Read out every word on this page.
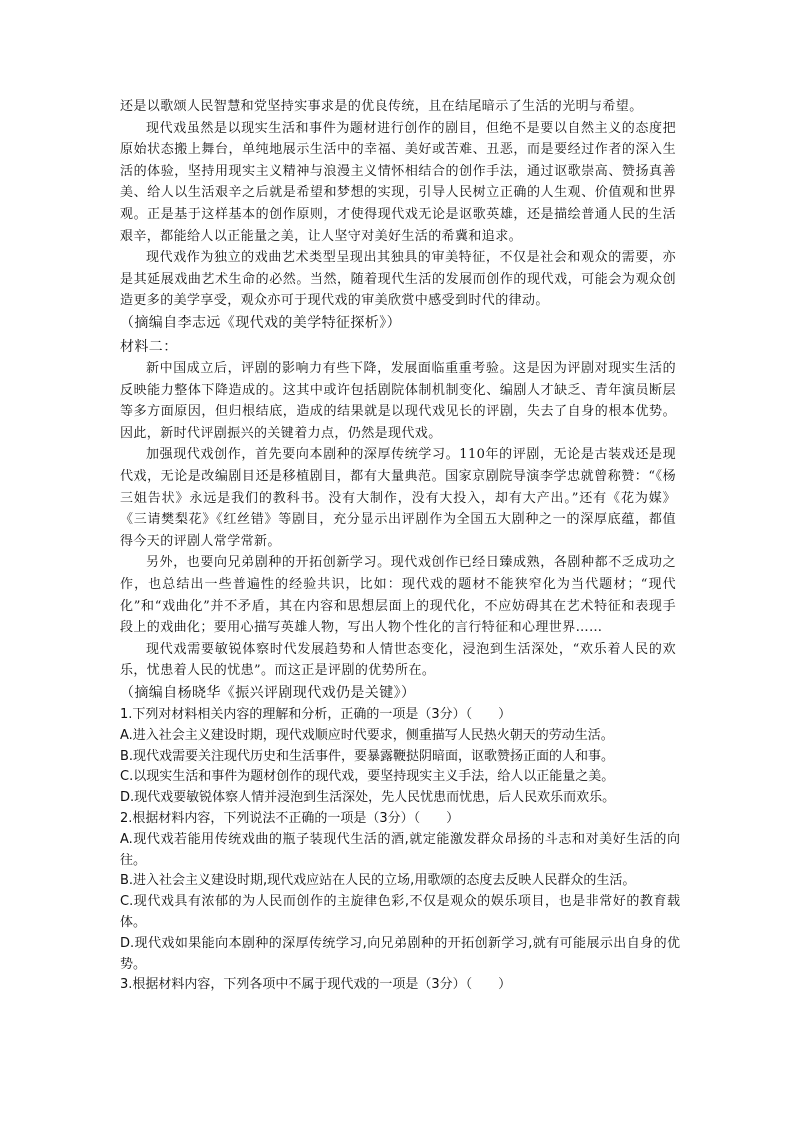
还是以歌颂人民智慧和党坚持实事求是的优良传统，且在结尾暗示了生活的光明与希望。

现代戏虽然是以现实生活和事件为题材进行创作的剧目，但绝不是要以自然主义的态度把原始状态搬上舞台，单纯地展示生活中的幸福、美好或苦难、丑恶，而是要经过作者的深入生活的体验，坚持用现实主义精神与浪漫主义情怀相结合的创作手法，通过讴歌崇高、赞扬真善美、给人以生活艰辛之后就是希望和梦想的实现，引导人民树立正确的人生观、价值观和世界观。正是基于这样基本的创作原则，才使得现代戏无论是讴歌英雄，还是描绘普通人民的生活艰辛，都能给人以正能量之美，让人坚守对美好生活的希冀和追求。

现代戏作为独立的戏曲艺术类型呈现出其独具的审美特征，不仅是社会和观众的需要，亦是其延展戏曲艺术生命的必然。当然，随着现代生活的发展而创作的现代戏，可能会为观众创造更多的美学享受，观众亦可于现代戏的审美欣赏中感受到时代的律动。

（摘编自李志远《现代戏的美学特征探析》）

材料二：

新中国成立后，评剧的影响力有些下降，发展面临重重考验。这是因为评剧对现实生活的反映能力整体下降造成的。这其中或许包括剧院体制机制变化、编剧人才缺乏、青年演员断层等多方面原因，但归根结底，造成的结果就是以现代戏见长的评剧，失去了自身的根本优势。因此，新时代评剧振兴的关键着力点，仍然是现代戏。

加强现代戏创作，首先要向本剧种的深厚传统学习。110年的评剧，无论是古装戏还是现代戏，无论是改编剧目还是移植剧目，都有大量典范。国家京剧院导演李学忠就曾称赞：“《杨三姐告状》永远是我们的教科书。没有大制作，没有大投入，却有大产出。”还有《花为媒》《三请樊梨花》《红丝错》等剧目，充分显示出评剧作为全国五大剧种之一的深厚底蕴，都值得今天的评剧人常学常新。

另外，也要向兄弟剧种的开拓创新学习。现代戏创作已经日臻成熟，各剧种都不乏成功之作，也总结出一些普遍性的经验共识，比如：现代戏的题材不能狭窄化为当代题材；“现代化”和“戏曲化”并不矛盾，其在内容和思想层面上的现代化，不应妨碍其在艺术特征和表现手段上的戏曲化；要用心描写英雄人物，写出人物个性化的言行特征和心理世界……

现代戏需要敏锐体察时代发展趋势和人情世态变化，浸泡到生活深处，“欢乐着人民的欢乐，忧患着人民的忧患”。而这正是评剧的优势所在。

（摘编自杨晓华《振兴评剧现代戏仍是关键》）

1.下列对材料相关内容的理解和分析，正确的一项是（3分）（　　）

A.进入社会主义建设时期，现代戏顺应时代要求，侧重描写人民热火朝天的劳动生活。

B.现代戏需要关注现代历史和生活事件，要暴露鞭挞阴暗面，讴歌赞扬正面的人和事。

C.以现实生活和事件为题材创作的现代戏，要坚持现实主义手法，给人以正能量之美。

D.现代戏要敏锐体察人情并浸泡到生活深处，先人民忧患而忧患，后人民欢乐而欢乐。

2.根据材料内容，下列说法不正确的一项是（3分）（　　）

A.现代戏若能用传统戏曲的瓶子装现代生活的酒,就定能激发群众昂扬的斗志和对美好生活的向往。

B.进入社会主义建设时期,现代戏应站在人民的立场,用歌颂的态度去反映人民群众的生活。

C.现代戏具有浓郁的为人民而创作的主旋律色彩,不仅是观众的娱乐项目，也是非常好的教育载体。

D.现代戏如果能向本剧种的深厚传统学习,向兄弟剧种的开拓创新学习,就有可能展示出自身的优势。

3.根据材料内容，下列各项中不属于现代戏的一项是（3分）（　　）
